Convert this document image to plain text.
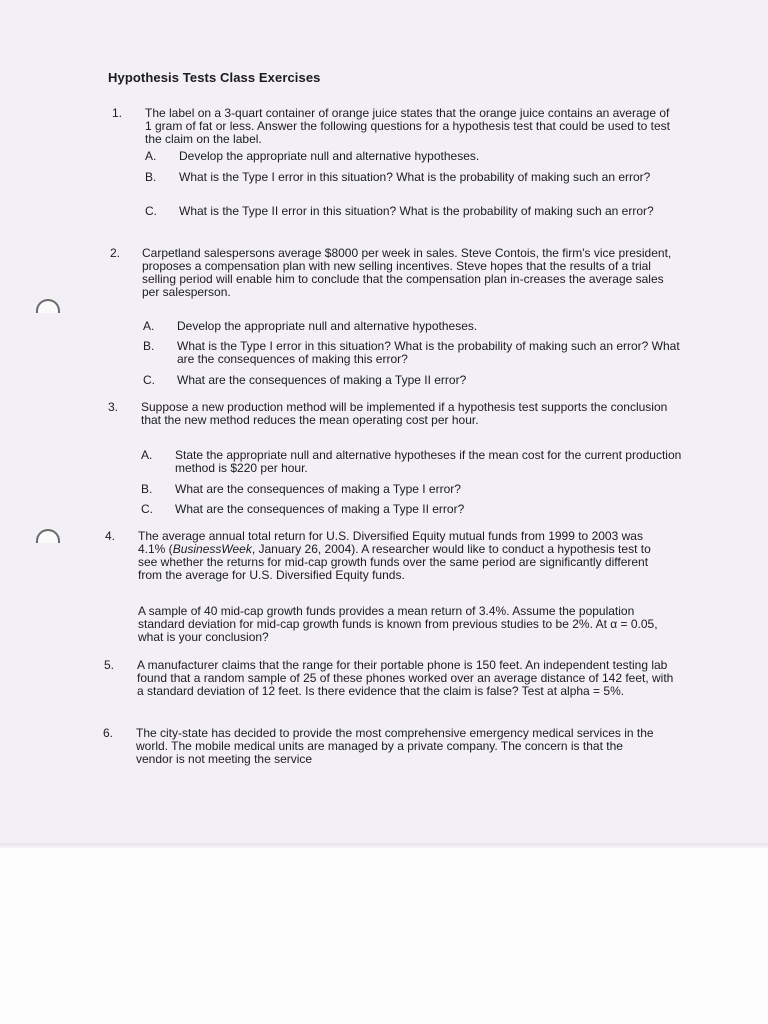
Hypothesis Tests Class Exercises
1. The label on a 3-quart container of orange juice states that the orange juice contains an average of 1 gram of fat or less. Answer the following questions for a hypothesis test that could be used to test the claim on the label.
A. Develop the appropriate null and alternative hypotheses.
B. What is the Type I error in this situation? What is the probability of making such an error?
C. What is the Type II error in this situation? What is the probability of making such an error?
2. Carpetland salespersons average $8000 per week in sales. Steve Contois, the firm's vice president, proposes a compensation plan with new selling incentives. Steve hopes that the results of a trial selling period will enable him to conclude that the compensation plan in-creases the average sales per salesperson.
A. Develop the appropriate null and alternative hypotheses.
B. What is the Type I error in this situation? What is the probability of making such an error? What are the consequences of making this error?
C. What are the consequences of making a Type II error?
3. Suppose a new production method will be implemented if a hypothesis test supports the conclusion that the new method reduces the mean operating cost per hour.
A. State the appropriate null and alternative hypotheses if the mean cost for the current production method is $220 per hour.
B. What are the consequences of making a Type I error?
C. What are the consequences of making a Type II error?
4. The average annual total return for U.S. Diversified Equity mutual funds from 1999 to 2003 was 4.1% (BusinessWeek, January 26, 2004). A researcher would like to conduct a hypothesis test to see whether the returns for mid-cap growth funds over the same period are significantly different from the average for U.S. Diversified Equity funds.
A sample of 40 mid-cap growth funds provides a mean return of 3.4%. Assume the population standard deviation for mid-cap growth funds is known from previous studies to be 2%. At α = 0.05, what is your conclusion?
5. A manufacturer claims that the range for their portable phone is 150 feet. An independent testing lab found that a random sample of 25 of these phones worked over an average distance of 142 feet, with a standard deviation of 12 feet. Is there evidence that the claim is false? Test at alpha = 5%.
6. The city-state has decided to provide the most comprehensive emergency medical services in the world. The mobile medical units are managed by a private company. The concern is that the vendor is not meeting the service
